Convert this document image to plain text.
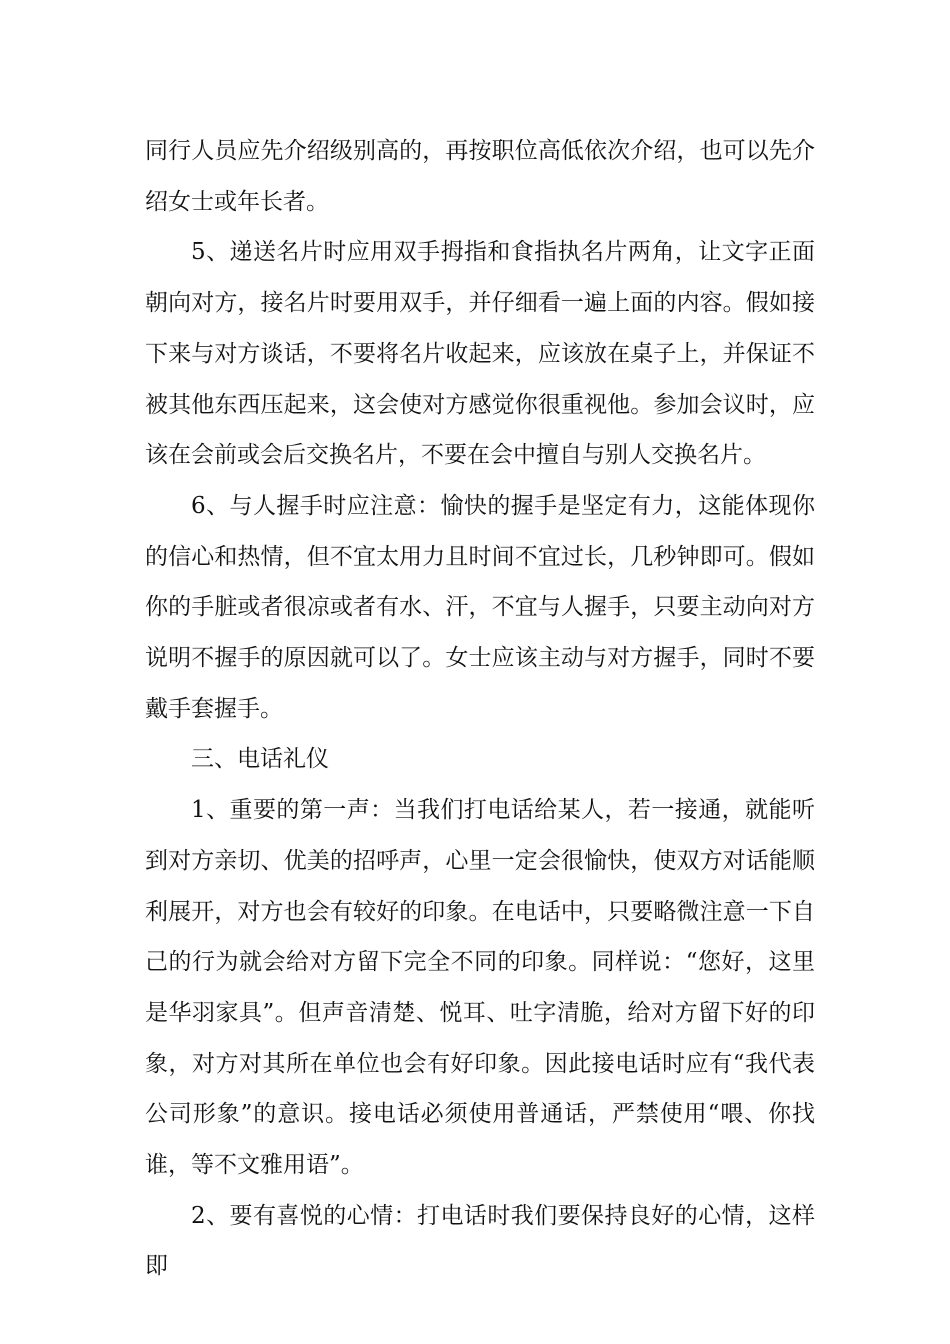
同行人员应先介绍级别高的，再按职位高低依次介绍，也可以先介绍女士或年长者。

5、递送名片时应用双手拇指和食指执名片两角，让文字正面朝向对方，接名片时要用双手，并仔细看一遍上面的内容。假如接下来与对方谈话，不要将名片收起来，应该放在桌子上，并保证不被其他东西压起来，这会使对方感觉你很重视他。参加会议时，应该在会前或会后交换名片，不要在会中擅自与别人交换名片。

6、与人握手时应注意：愉快的握手是坚定有力，这能体现你的信心和热情，但不宜太用力且时间不宜过长，几秒钟即可。假如你的手脏或者很凉或者有水、汗，不宜与人握手，只要主动向对方说明不握手的原因就可以了。女士应该主动与对方握手，同时不要戴手套握手。

三、电话礼仪

1、重要的第一声：当我们打电话给某人，若一接通，就能听到对方亲切、优美的招呼声，心里一定会很愉快，使双方对话能顺利展开，对方也会有较好的印象。在电话中，只要略微注意一下自己的行为就会给对方留下完全不同的印象。同样说：“您好，这里是华羽家具”。但声音清楚、悦耳、吐字清脆，给对方留下好的印象，对方对其所在单位也会有好印象。因此接电话时应有“我代表公司形象”的意识。接电话必须使用普通话，严禁使用“喂、你找谁，等不文雅用语”。

2、要有喜悦的心情：打电话时我们要保持良好的心情，这样即
